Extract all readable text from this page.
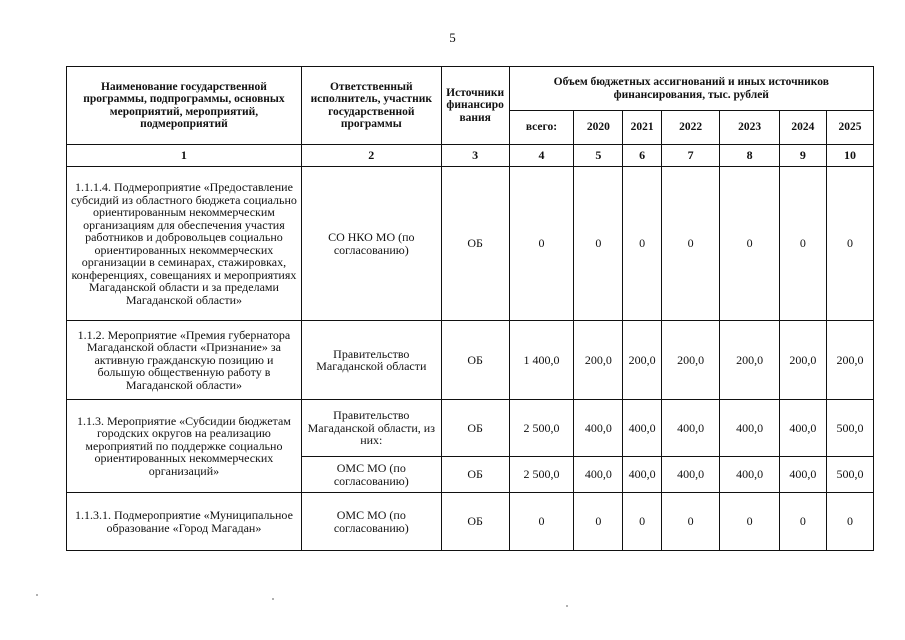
5
Наименование государственной программы, подпрограммы, основных мероприятий, мероприятий, подмероприятий	Ответственный исполнитель, участник государственной программы	Источники финансиро вания	Объем бюджетных ассигнований и иных источников финансирования, тыс. рублей						
			всего:	2020	2021	2022	2023	2024	2025
1	2	3	4	5	6	7	8	9	10
1.1.1.4. Подмероприятие «Предоставление субсидий из областного бюджета социально ориентированным некоммерческим организациям для обеспечения участия работников и добровольцев социально ориентированных некоммерческих организации в семинарах, стажировках, конференциях, совещаниях и мероприятиях Магаданской области и за пределами Магаданской области»	СО НКО МО (по согласованию)	ОБ	0	0	0	0	0	0	0
1.1.2. Мероприятие «Премия губернатора Магаданской области «Признание» за активную гражданскую позицию и большую общественную работу в Магаданской области»	Правительство Магаданской области	ОБ	1 400,0	200,0	200,0	200,0	200,0	200,0	200,0
1.1.3. Мероприятие «Субсидии бюджетам городских округов на реализацию мероприятий по поддержке социально ориентированных некоммерческих организаций»	Правительство Магаданской области, из них:	ОБ	2 500,0	400,0	400,0	400,0	400,0	400,0	500,0
	ОМС МО (по согласованию)	ОБ	2 500,0	400,0	400,0	400,0	400,0	400,0	500,0
1.1.3.1. Подмероприятие «Муниципальное образование «Город Магадан»	ОМС МО (по согласованию)	ОБ	0	0	0	0	0	0	0
